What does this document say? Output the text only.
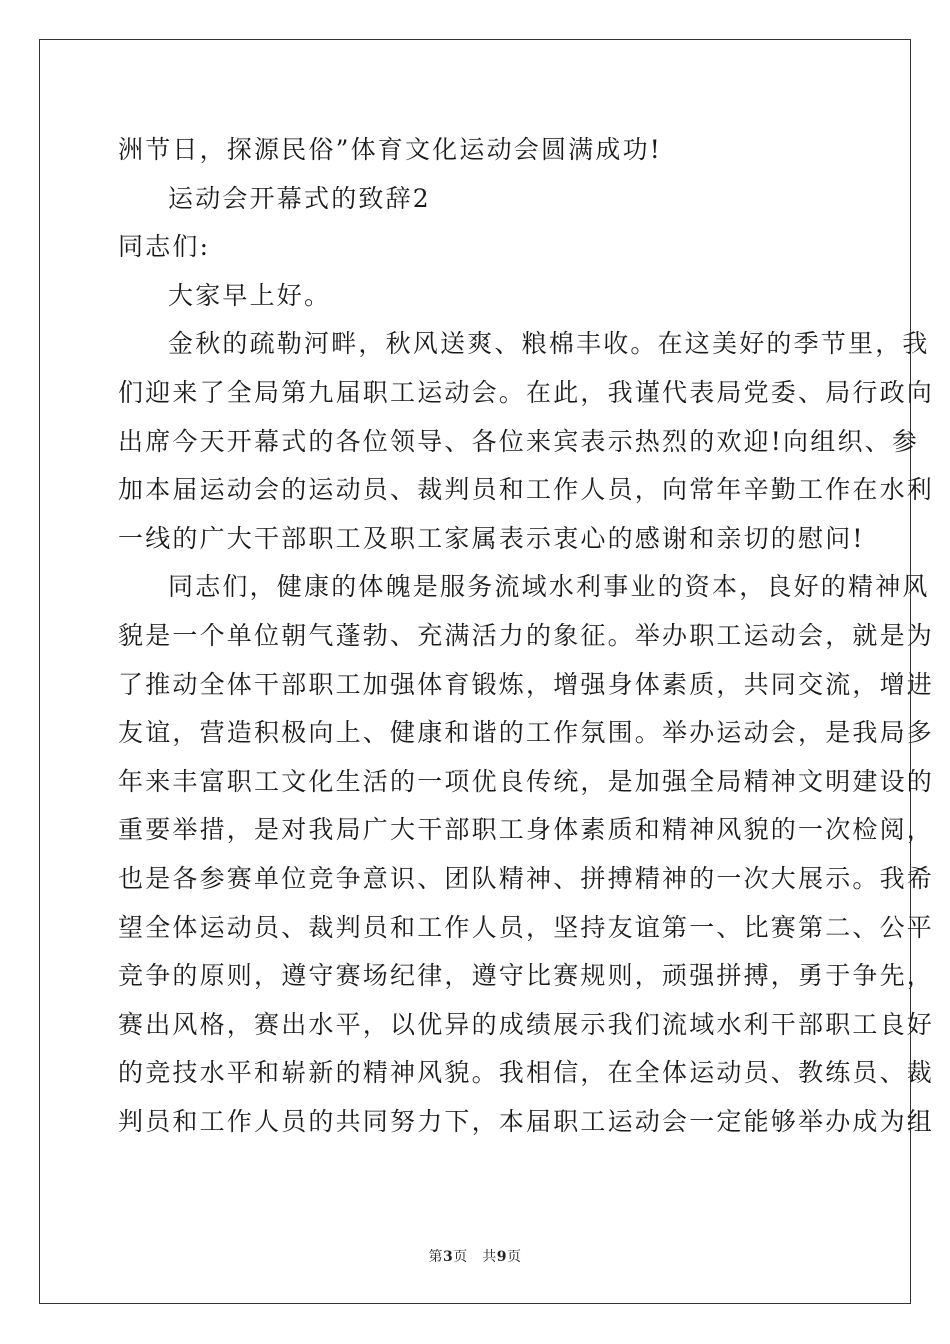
洲节日，探源民俗”体育文化运动会圆满成功!
运动会开幕式的致辞2
同志们:
大家早上好。
金秋的疏勒河畔，秋风送爽、粮棉丰收。在这美好的季节里，我
们迎来了全局第九届职工运动会。在此，我谨代表局党委、局行政向
出席今天开幕式的各位领导、各位来宾表示热烈的欢迎!向组织、参
加本届运动会的运动员、裁判员和工作人员，向常年辛勤工作在水利
一线的广大干部职工及职工家属表示衷心的感谢和亲切的慰问!
同志们，健康的体魄是服务流域水利事业的资本，良好的精神风
貌是一个单位朝气蓬勃、充满活力的象征。举办职工运动会，就是为
了推动全体干部职工加强体育锻炼，增强身体素质，共同交流，增进
友谊，营造积极向上、健康和谐的工作氛围。举办运动会，是我局多
年来丰富职工文化生活的一项优良传统，是加强全局精神文明建设的
重要举措，是对我局广大干部职工身体素质和精神风貌的一次检阅，
也是各参赛单位竞争意识、团队精神、拼搏精神的一次大展示。我希
望全体运动员、裁判员和工作人员，坚持友谊第一、比赛第二、公平
竞争的原则，遵守赛场纪律，遵守比赛规则，顽强拼搏，勇于争先，
赛出风格，赛出水平，以优异的成绩展示我们流域水利干部职工良好
的竞技水平和崭新的精神风貌。我相信，在全体运动员、教练员、裁
判员和工作人员的共同努力下，本届职工运动会一定能够举办成为组
第3页　共9页
